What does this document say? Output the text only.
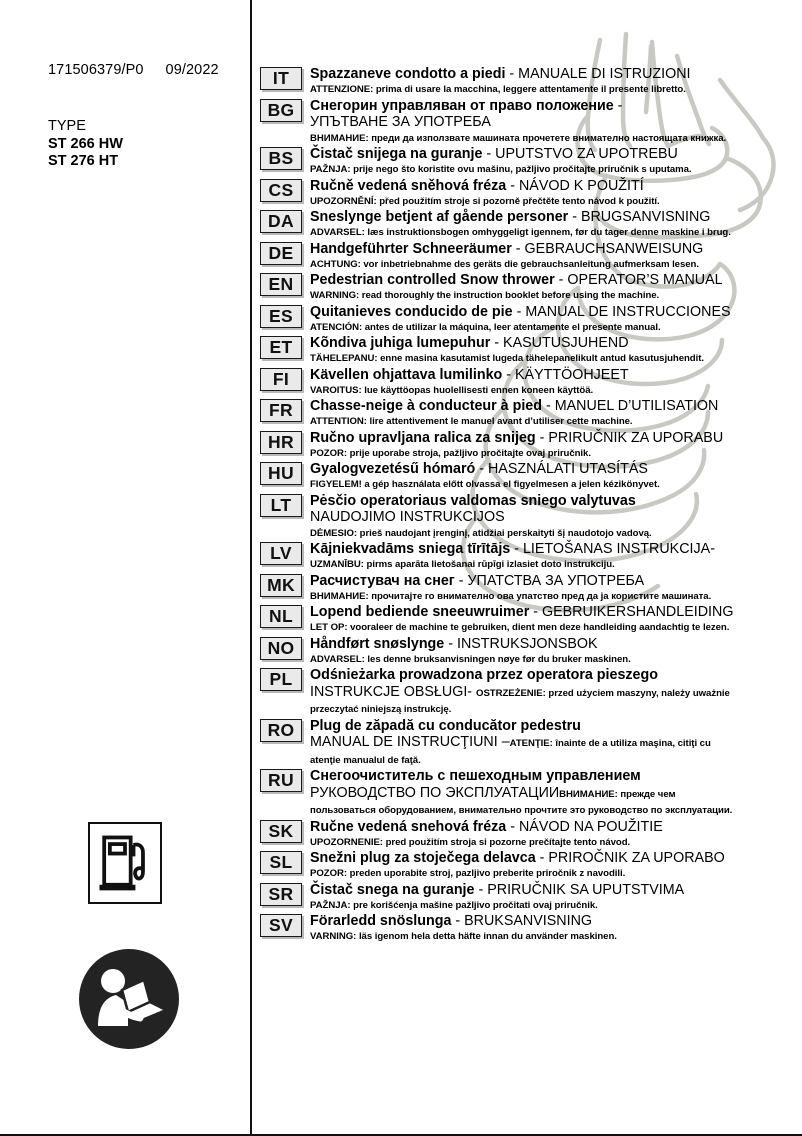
171506379/P0 09/2022
TYPE
ST 266 HW
ST 276 HT
IT	Spazzaneve condotto a piedi - MANUALE DI ISTRUZIONI
ATTENZIONE: prima di usare la macchina, leggere attentamente il presente libretto.
BG	Снегорин управляван от право положение -
УПЪТВАНЕ ЗА УПОТРЕБА
ВНИМАНИЕ: преди да използвате машината прочетете внимателно настоящата книжка.
BS	Čistač snijega na guranje - UPUTSTVO ZA UPOTREBU
PAŽNJA: prije nego što koristite ovu mašinu, pažljivo pročitajte priručnik s uputama.
CS	Ručně vedená sněhová fréza - NÁVOD K POUŽITÍ
UPOZORNĚNÍ: před použitím stroje si pozorně přečtěte tento návod k použití.
DA	Sneslynge betjent af gående personer - BRUGSANVISNING
ADVARSEL: læs instruktionsbogen omhyggeligt igennem, før du tager denne maskine i brug.
DE	Handgeführter Schneeräumer - GEBRAUCHSANWEISUNG
ACHTUNG: vor inbetriebnahme des geräts die gebrauchsanleitung aufmerksam lesen.
EN	Pedestrian controlled Snow thrower - OPERATOR’S MANUAL
WARNING: read thoroughly the instruction booklet before using the machine.
ES	Quitanieves conducido de pie - MANUAL DE INSTRUCCIONES
ATENCIÓN: antes de utilizar la máquina, leer atentamente el presente manual.
ET	Kõndiva juhiga lumepuhur - KASUTUSJUHEND
TÄHELEPANU: enne masina kasutamist lugeda tähelepanelikult antud kasutusjuhendit.
FI	Kävellen ohjattava lumilinko - KÄYTTÖOHJEET
VAROITUS: lue käyttöopas huolellisesti ennen koneen käyttöä.
FR	Chasse-neige à conducteur à pied - MANUEL D’UTILISATION
ATTENTION: lire attentivement le manuel avant d’utiliser cette machine.
HR	Ručno upravljana ralica za snijeg - PRIRUČNIK ZA UPORABU
POZOR: prije uporabe stroja, pažljivo pročitajte ovaj priručnik.
HU	Gyalogvezetésű hómaró - HASZNÁLATI UTASÍTÁS
FIGYELEM! a gép használata előtt olvassa el figyelmesen a jelen kézikönyvet.
LT	Pėsčio operatoriaus valdomas sniego valytuvas
NAUDOJIMO INSTRUKCIJOS
DĖMESIO: prieš naudojant įrenginį, atidžiai perskaityti šį naudotojo vadovą.
LV	Kājniekvadāms sniega tīrītājs - LIETOŠANAS INSTRUKCIJA-
UZMANĪBU: pirms aparāta lietošanai rūpīgi izlasiet doto instrukciju.
MK	Расчистувач на снег - УПАТСТВА ЗА УПОТРЕБА
ВНИМАНИЕ: прочитајте го внимателно ова упатство пред да ја користите машината.
NL	Lopend bediende sneeuwruimer - GEBRUIKERSHANDLEIDING
LET OP: vooraleer de machine te gebruiken, dient men deze handleiding aandachtig te lezen.
NO	Håndført snøslynge - INSTRUKSJONSBOK
ADVARSEL: les denne bruksanvisningen nøye før du bruker maskinen.
PL	Odśnieżarka prowadzona przez operatora pieszego
INSTRUKCJE OBSŁUGI- OSTRZEŻENIE: przed użyciem maszyny, należy uważnie
przeczytać niniejszą instrukcję.
RO	Plug de zăpadă cu conducător pedestru
MANUAL DE INSTRUCŢIUNI –ATENŢIE: înainte de a utiliza maşina, citiţi cu
atenţie manualul de faţă.
RU	Снегоочиститель с пешеходным управлением
РУКОВОДСТВО ПО ЭКСПЛУАТАЦИИВНИМАНИЕ: прежде чем
пользоваться оборудованием, внимательно прочтите это руководство по эксплуатации.
SK	Ručne vedená snehová fréza - NÁVOD NA POUŽITIE
UPOZORNENIE: pred použitím stroja si pozorne prečítajte tento návod.
SL	Snežni plug za stoječega delavca - PRIROČNIK ZA UPORABO
POZOR: preden uporabite stroj, pazljivo preberite priročnik z navodili.
SR	Čistač snega na guranje - PRIRUČNIK SA UPUTSTVIMA
PAŽNJA: pre korišćenja mašine pažljivo pročitati ovaj priručnik.
SV	Förarledd snöslunga - BRUKSANVISNING
VARNING: läs igenom hela detta häfte innan du använder maskinen.
